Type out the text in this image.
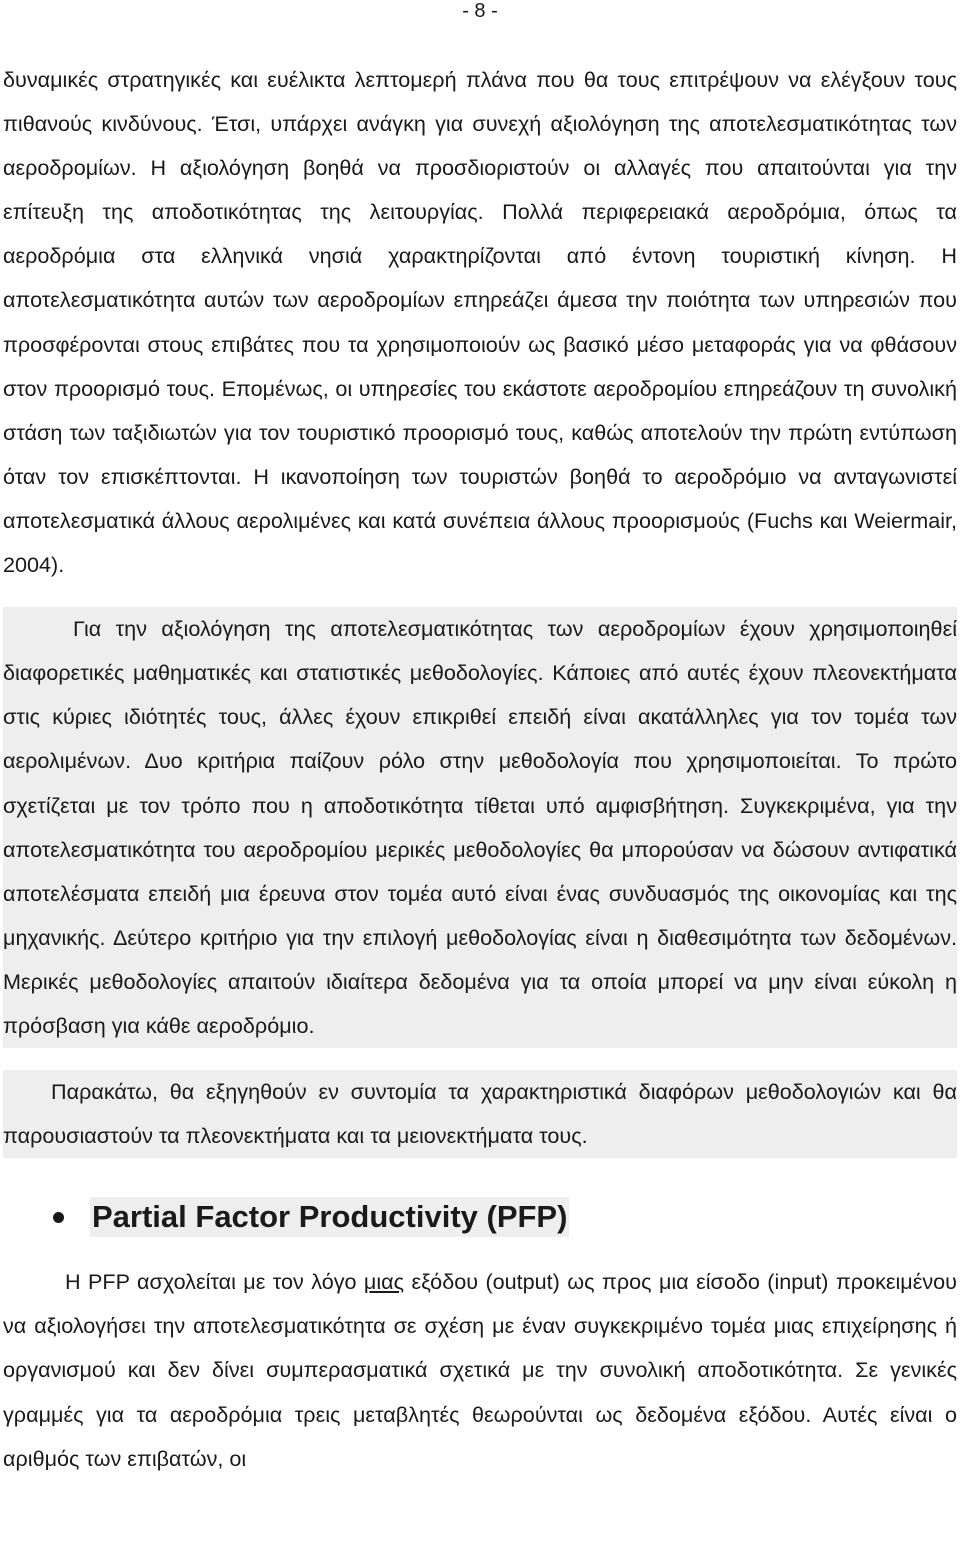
- 8 -

δυναμικές στρατηγικές και ευέλικτα λεπτομερή πλάνα που θα τους επιτρέψουν να ελέγξουν τους πιθανούς κινδύνους. Έτσι, υπάρχει ανάγκη για συνεχή αξιολόγηση της αποτελεσματικότητας των αεροδρομίων. Η αξιολόγηση βοηθά να προσδιοριστούν οι αλλαγές που απαιτούνται για την επίτευξη της αποδοτικότητας της λειτουργίας. Πολλά περιφερειακά αεροδρόμια, όπως τα αεροδρόμια στα ελληνικά νησιά χαρακτηρίζονται από έντονη τουριστική κίνηση. Η αποτελεσματικότητα αυτών των αεροδρομίων επηρεάζει άμεσα την ποιότητα των υπηρεσιών που προσφέρονται στους επιβάτες που τα χρησιμοποιούν ως βασικό μέσο μεταφοράς για να φθάσουν στον προορισμό τους. Επομένως, οι υπηρεσίες του εκάστοτε αεροδρομίου επηρεάζουν τη συνολική στάση των ταξιδιωτών για τον τουριστικό προορισμό τους, καθώς αποτελούν την πρώτη εντύπωση όταν τον επισκέπτονται. Η ικανοποίηση των τουριστών βοηθά το αεροδρόμιο να ανταγωνιστεί αποτελεσματικά άλλους αερολιμένες και κατά συνέπεια άλλους προορισμούς (Fuchs και Weiermair, 2004).

Για την αξιολόγηση της αποτελεσματικότητας των αεροδρομίων έχουν χρησιμοποιηθεί διαφορετικές μαθηματικές και στατιστικές μεθοδολογίες. Κάποιες από αυτές έχουν πλεονεκτήματα στις κύριες ιδιότητές τους, άλλες έχουν επικριθεί επειδή είναι ακατάλληλες για τον τομέα των αερολιμένων. Δυο κριτήρια παίζουν ρόλο στην μεθοδολογία που χρησιμοποιείται. Το πρώτο σχετίζεται με τον τρόπο που η αποδοτικότητα τίθεται υπό αμφισβήτηση. Συγκεκριμένα, για την αποτελεσματικότητα του αεροδρομίου μερικές μεθοδολογίες θα μπορούσαν να δώσουν αντιφατικά αποτελέσματα επειδή μια έρευνα στον τομέα αυτό είναι ένας συνδυασμός της οικονομίας και της μηχανικής. Δεύτερο κριτήριο για την επιλογή μεθοδολογίας είναι η διαθεσιμότητα των δεδομένων. Μερικές μεθοδολογίες απαιτούν ιδιαίτερα δεδομένα για τα οποία μπορεί να μην είναι εύκολη η πρόσβαση για κάθε αεροδρόμιο.

Παρακάτω, θα εξηγηθούν εν συντομία τα χαρακτηριστικά διαφόρων μεθοδολογιών και θα παρουσιαστούν τα πλεονεκτήματα και τα μειονεκτήματα τους.

Partial Factor Productivity (PFP)

Η PFP ασχολείται με τον λόγο μιας εξόδου (output) ως προς μια είσοδο (input) προκειμένου να αξιολογήσει την αποτελεσματικότητα σε σχέση με έναν συγκεκριμένο τομέα μιας επιχείρησης ή οργανισμού και δεν δίνει συμπερασματικά σχετικά με την συνολική αποδοτικότητα. Σε γενικές γραμμές για τα αεροδρόμια τρεις μεταβλητές θεωρούνται ως δεδομένα εξόδου. Αυτές είναι ο αριθμός των επιβατών, οι
